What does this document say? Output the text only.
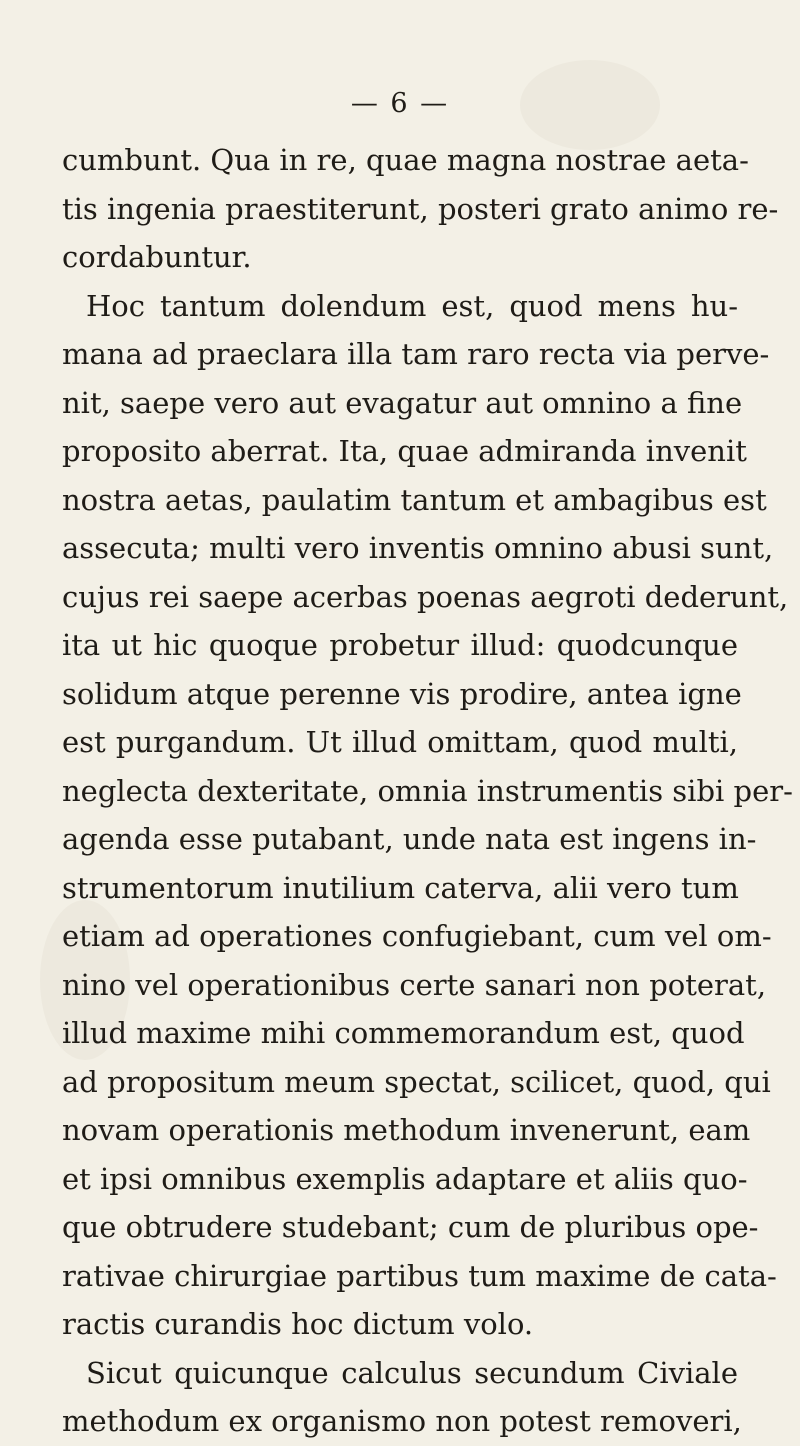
— 6 —
cumbunt. Qua in re, quae magna nostrae aeta-
tis ingenia praestiterunt, posteri grato animo re-
cordabuntur.
Hoc tantum dolendum est, quod mens hu-
mana ad praeclara illa tam raro recta via perve-
nit, saepe vero aut evagatur aut omnino a fine
proposito aberrat. Ita, quae admiranda invenit
nostra aetas, paulatim tantum et ambagibus est
assecuta; multi vero inventis omnino abusi sunt,
cujus rei saepe acerbas poenas aegroti dederunt,
ita ut hic quoque probetur illud: quodcunque
solidum atque perenne vis prodire, antea igne
est purgandum. Ut illud omittam, quod multi,
neglecta dexteritate, omnia instrumentis sibi per-
agenda esse putabant, unde nata est ingens in-
strumentorum inutilium caterva, alii vero tum
etiam ad operationes confugiebant, cum vel om-
nino vel operationibus certe sanari non poterat,
illud maxime mihi commemorandum est, quod
ad propositum meum spectat, scilicet, quod, qui
novam operationis methodum invenerunt, eam
et ipsi omnibus exemplis adaptare et aliis quo-
que obtrudere studebant; cum de pluribus ope-
rativae chirurgiae partibus tum maxime de cata-
ractis curandis hoc dictum volo.
Sicut quicunque calculus secundum Civiale
methodum ex organismo non potest removeri,
